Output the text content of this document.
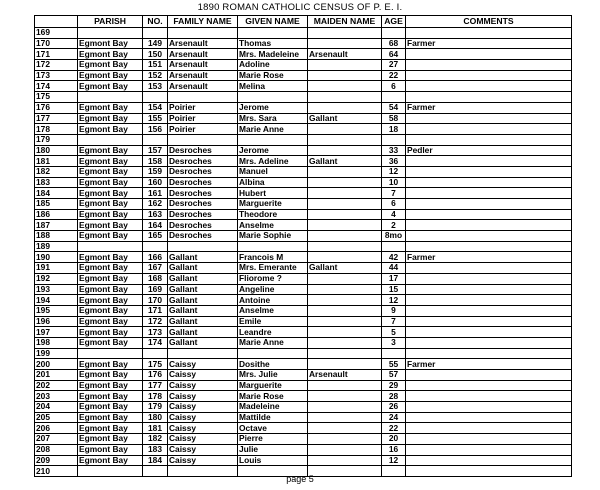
1890 ROMAN CATHOLIC CENSUS OF P. E. I.
	PARISH	NO.	FAMILY NAME	GIVEN NAME	MAIDEN NAME	AGE	COMMENTS
169							
170	Egmont Bay	149	Arsenault	Thomas		68	Farmer
171	Egmont Bay	150	Arsenault	Mrs. Madeleine	Arsenault	64	
172	Egmont Bay	151	Arsenault	Adoline		27	
173	Egmont Bay	152	Arsenault	Marie Rose		22	
174	Egmont Bay	153	Arsenault	Melina		6	
175							
176	Egmont Bay	154	Poirier	Jerome		54	Farmer
177	Egmont Bay	155	Poirier	Mrs. Sara	Gallant	58	
178	Egmont Bay	156	Poirier	Marie Anne		18	
179							
180	Egmont Bay	157	Desroches	Jerome		33	Pedler
181	Egmont Bay	158	Desroches	Mrs. Adeline	Gallant	36	
182	Egmont Bay	159	Desroches	Manuel		12	
183	Egmont Bay	160	Desroches	Albina		10	
184	Egmont Bay	161	Desroches	Hubert		7	
185	Egmont Bay	162	Desroches	Marguerite		6	
186	Egmont Bay	163	Desroches	Theodore		4	
187	Egmont Bay	164	Desroches	Anselme		2	
188	Egmont Bay	165	Desroches	Marie Sophie		8mo	
189							
190	Egmont Bay	166	Gallant	Francois M		42	Farmer
191	Egmont Bay	167	Gallant	Mrs. Emerante	Gallant	44	
192	Egmont Bay	168	Gallant	Fliorome ?		17	
193	Egmont Bay	169	Gallant	Angeline		15	
194	Egmont Bay	170	Gallant	Antoine		12	
195	Egmont Bay	171	Gallant	Anselme		9	
196	Egmont Bay	172	Gallant	Emile		7	
197	Egmont Bay	173	Gallant	Leandre		5	
198	Egmont Bay	174	Gallant	Marie Anne		3	
199							
200	Egmont Bay	175	Caissy	Dosithe		55	Farmer
201	Egmont Bay	176	Caissy	Mrs. Julie	Arsenault	57	
202	Egmont Bay	177	Caissy	Marguerite		29	
203	Egmont Bay	178	Caissy	Marie Rose		28	
204	Egmont Bay	179	Caissy	Madeleine		26	
205	Egmont Bay	180	Caissy	Mattilde		24	
206	Egmont Bay	181	Caissy	Octave		22	
207	Egmont Bay	182	Caissy	Pierre		20	
208	Egmont Bay	183	Caissy	Julie		16	
209	Egmont Bay	184	Caissy	Louis		12	
210							
page 5
